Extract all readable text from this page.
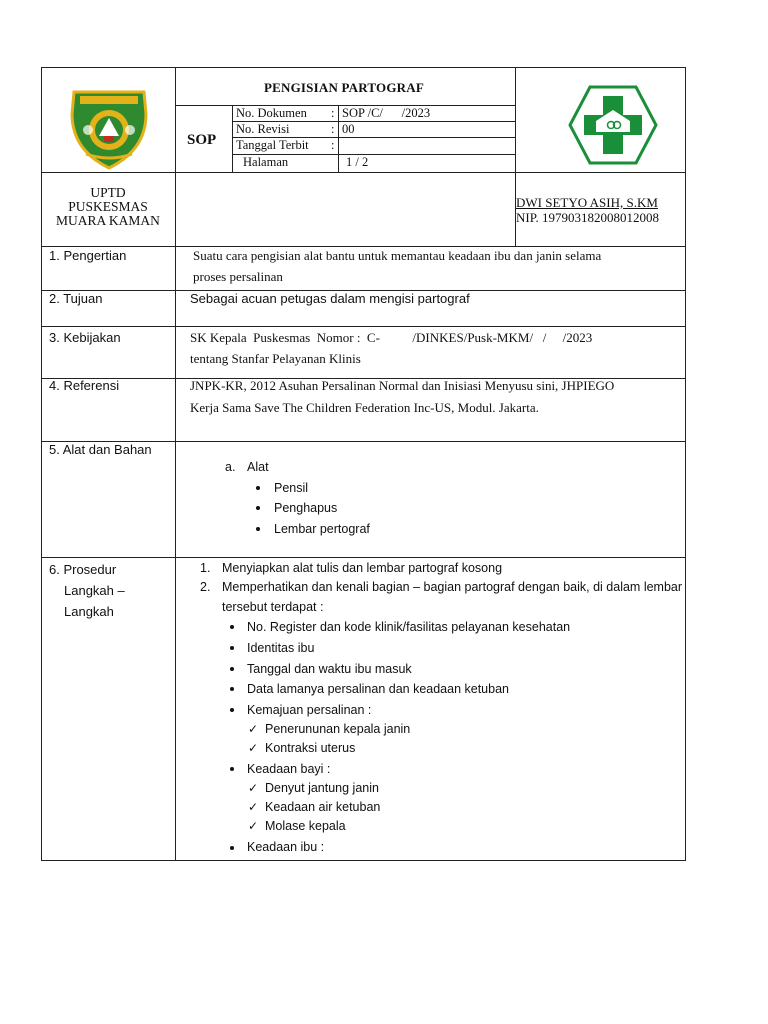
PENGISIAN PARTOGRAF
SOP
No. Dokumen : SOP /C/      /2023
No. Revisi	: 00
Tanggal Terbit :
Halaman	1 / 2
UPTD
PUSKESMAS
MUARA KAMAN
DWI SETYO ASIH, S.KM
NIP. 197903182008012008
1. Pengertian	Suatu cara pengisian alat bantu untuk memantau keadaan ibu dan janin selama
proses persalinan
2. Tujuan	Sebagai acuan petugas dalam mengisi partograf
3. Kebijakan	SK Kepala  Puskesmas  Nomor :  C-          /DINKES/Pusk-MKM/   /     /2023
tentang Stanfar Pelayanan Klinis
4. Referensi	JNPK-KR, 2012 Asuhan Persalinan Normal dan Inisiasi Menyusu sini, JHPIEGO
Kerja Sama Save The Children Federation Inc-US, Modul. Jakarta.
5. Alat dan Bahan
a. Alat
Pensil
Penghapus
Lembar pertograf
6. Prosedur
Langkah –
Langkah
1. Menyiapkan alat tulis dan lembar partograf kosong
2. Memperhatikan dan kenali bagian – bagian partograf dengan baik, di dalam lembar
tersebut terdapat :
No. Register dan kode klinik/fasilitas pelayanan kesehatan
Identitas ibu
Tanggal dan waktu ibu masuk
Data lamanya persalinan dan keadaan ketuban
Kemajuan persalinan :
✓ Penerununan kepala janin
✓ Kontraksi uterus
Keadaan bayi :
✓ Denyut jantung janin
✓ Keadaan air ketuban
✓ Molase kepala
Keadaan ibu :
